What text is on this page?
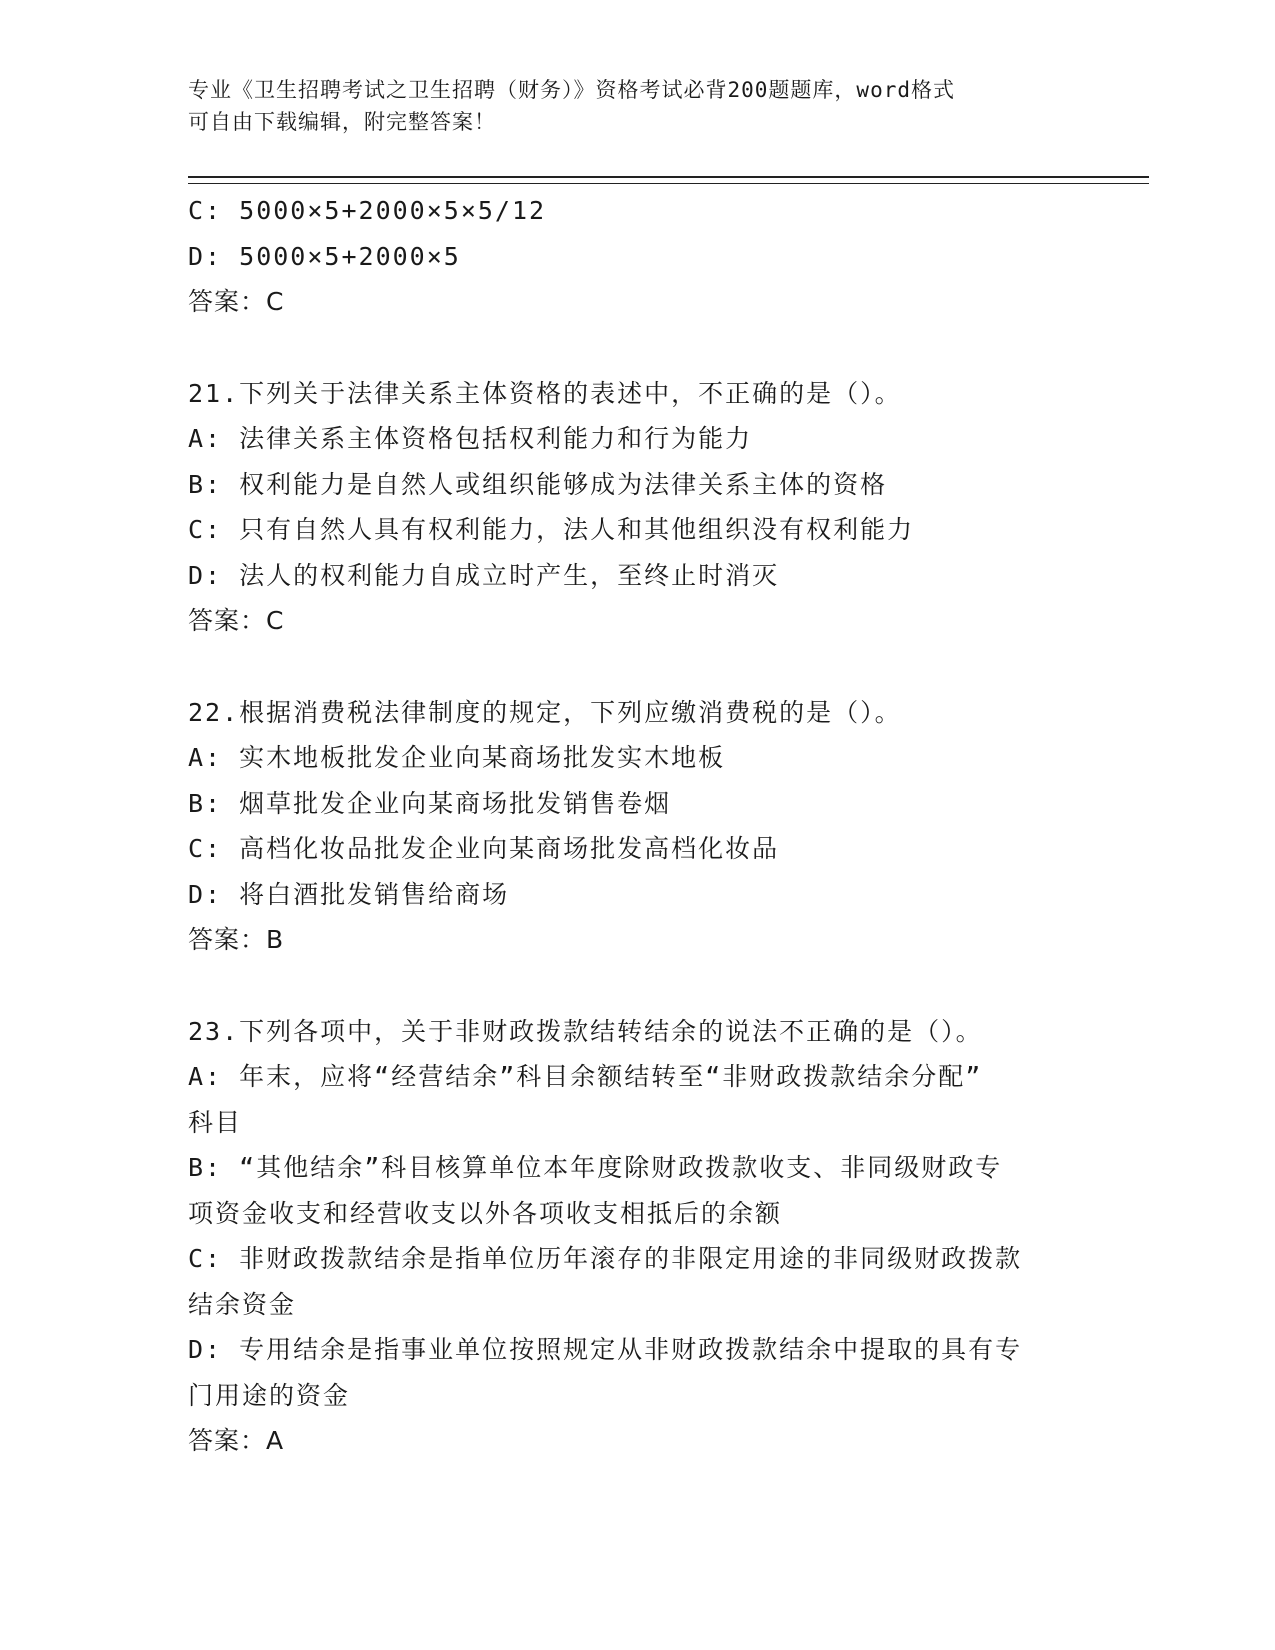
专业《卫生招聘考试之卫生招聘（财务）》资格考试必背200题题库，word格式
可自由下载编辑，附完整答案！
C: 5000×5+2000×5×5/12
D: 5000×5+2000×5
答案：C
21.下列关于法律关系主体资格的表述中，不正确的是（）。
A: 法律关系主体资格包括权利能力和行为能力
B: 权利能力是自然人或组织能够成为法律关系主体的资格
C: 只有自然人具有权利能力，法人和其他组织没有权利能力
D: 法人的权利能力自成立时产生，至终止时消灭
答案：C
22.根据消费税法律制度的规定，下列应缴消费税的是（）。
A: 实木地板批发企业向某商场批发实木地板
B: 烟草批发企业向某商场批发销售卷烟
C: 高档化妆品批发企业向某商场批发高档化妆品
D: 将白酒批发销售给商场
答案：B
23.下列各项中，关于非财政拨款结转结余的说法不正确的是（）。
A: 年末，应将“经营结余”科目余额结转至“非财政拨款结余分配”
科目
B: “其他结余”科目核算单位本年度除财政拨款收支、非同级财政专
项资金收支和经营收支以外各项收支相抵后的余额
C: 非财政拨款结余是指单位历年滚存的非限定用途的非同级财政拨款
结余资金
D: 专用结余是指事业单位按照规定从非财政拨款结余中提取的具有专
门用途的资金
答案：A
